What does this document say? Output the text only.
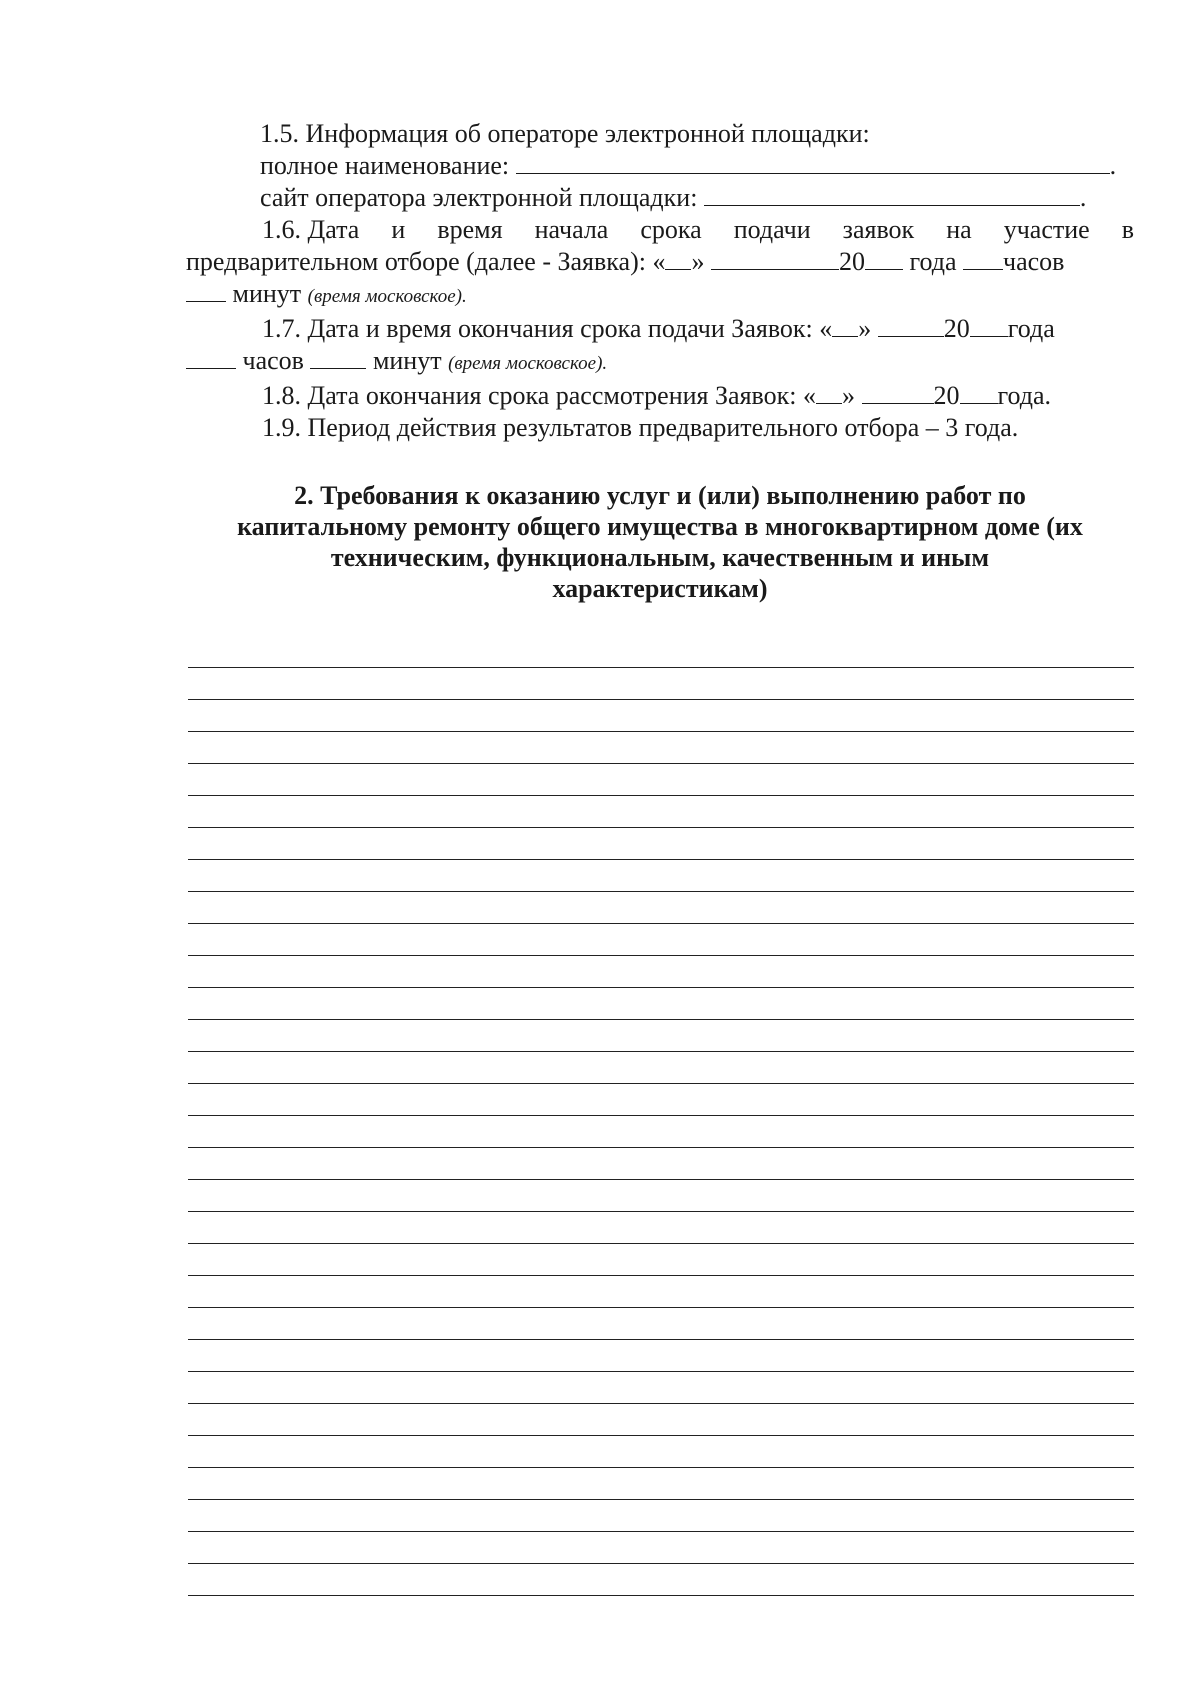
1.5. Информация об операторе электронной площадки:

полное наименование:	.

сайт оператора электронной площадки:	.

1.6. Дата и время начала срока подачи заявок на участие в

предварительном отборе (далее - Заявка): « »	20 года часов

минут (время московское).

1.7. Дата и время окончания срока подачи Заявок: « »	20 года

часов	минут (время московское).

1.8. Дата окончания срока рассмотрения Заявок: « »	20 года.

1.9. Период действия результатов предварительного отбора – 3 года.

2. Требования к оказанию услуг и (или) выполнению работ по
капитальному ремонту общего имущества в многоквартирном доме (их
техническим, функциональным, качественным и иным
характеристикам)
